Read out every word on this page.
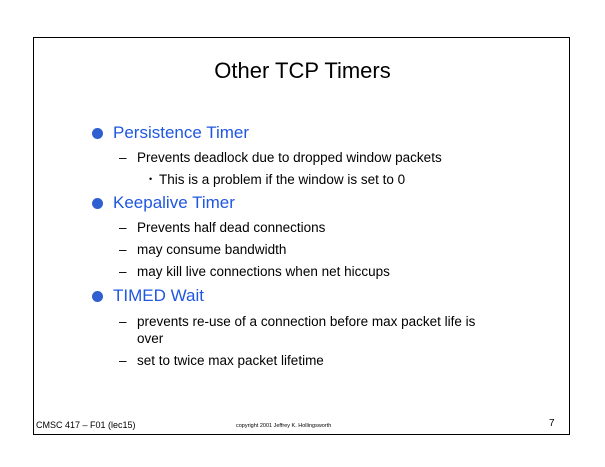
Other TCP Timers
Persistence Timer
– Prevents deadlock due to dropped window packets
• This is a problem if the window is set to 0
Keepalive Timer
– Prevents half dead connections
– may consume bandwidth
– may kill live connections when net hiccups
TIMED Wait
– prevents re-use of a connection before max packet life is
over
– set to twice max packet lifetime
CMSC 417 – F01 (lec15)	copyright 2001 Jeffrey K. Hollingsworth	7
